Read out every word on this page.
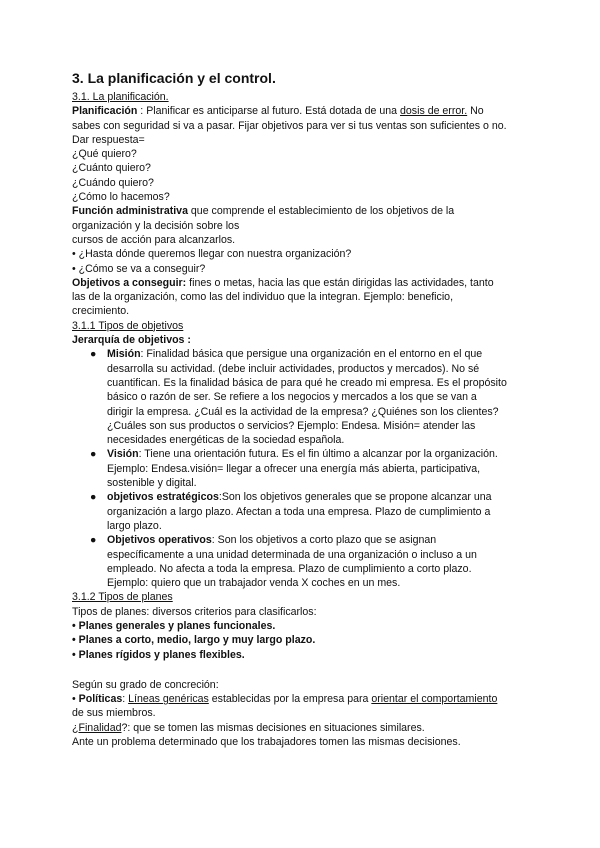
3. La planificación y el control.

3.1. La planificación.

Planificación : Planificar es anticiparse al futuro. Está dotada de una dosis de error. No

sabes con seguridad si va a pasar. Fijar objetivos para ver si tus ventas son suficientes o no.

Dar respuesta=

¿Qué quiero?

¿Cuánto quiero?

¿Cuándo quiero?

¿Cómo lo hacemos?

Función administrativa que comprende el establecimiento de los objetivos de la

organización y la decisión sobre los

cursos de acción para alcanzarlos.

• ¿Hasta dónde queremos llegar con nuestra organización?

• ¿Cómo se va a conseguir?

Objetivos a conseguir: fines o metas, hacia las que están dirigidas las actividades, tanto

las de la organización, como las del individuo que la integran. Ejemplo: beneficio,

crecimiento.

3.1.1 Tipos de objetivos

Jerarquía de objetivos :

● Misión: Finalidad básica que persigue una organización en el entorno en el que
desarrolla su actividad. (debe incluir actividades, productos y mercados). No sé
cuantifican. Es la finalidad básica de para qué he creado mi empresa. Es el propósito
básico o razón de ser. Se refiere a los negocios y mercados a los que se van a
dirigir la empresa. ¿Cuál es la actividad de la empresa? ¿Quiénes son los clientes?
¿Cuáles son sus productos o servicios? Ejemplo: Endesa. Misión= atender las
necesidades energéticas de la sociedad española.
● Visión: Tiene una orientación futura. Es el fin último a alcanzar por la organización.
Ejemplo: Endesa.visión= llegar a ofrecer una energía más abierta, participativa,
sostenible y digital.
● objetivos estratégicos:Son los objetivos generales que se propone alcanzar una
organización a largo plazo. Afectan a toda una empresa. Plazo de cumplimiento a
largo plazo.
● Objetivos operativos: Son los objetivos a corto plazo que se asignan
específicamente a una unidad determinada de una organización o incluso a un
empleado. No afecta a toda la empresa. Plazo de cumplimiento a corto plazo.
Ejemplo: quiero que un trabajador venda X coches en un mes.

3.1.2 Tipos de planes

Tipos de planes: diversos criterios para clasificarlos:

• Planes generales y planes funcionales.

• Planes a corto, medio, largo y muy largo plazo.

• Planes rígidos y planes flexibles.

Según su grado de concreción:

• Políticas: Líneas genéricas establecidas por la empresa para orientar el comportamiento

de sus miembros.

¿Finalidad?: que se tomen las mismas decisiones en situaciones similares.

Ante un problema determinado que los trabajadores tomen las mismas decisiones.
